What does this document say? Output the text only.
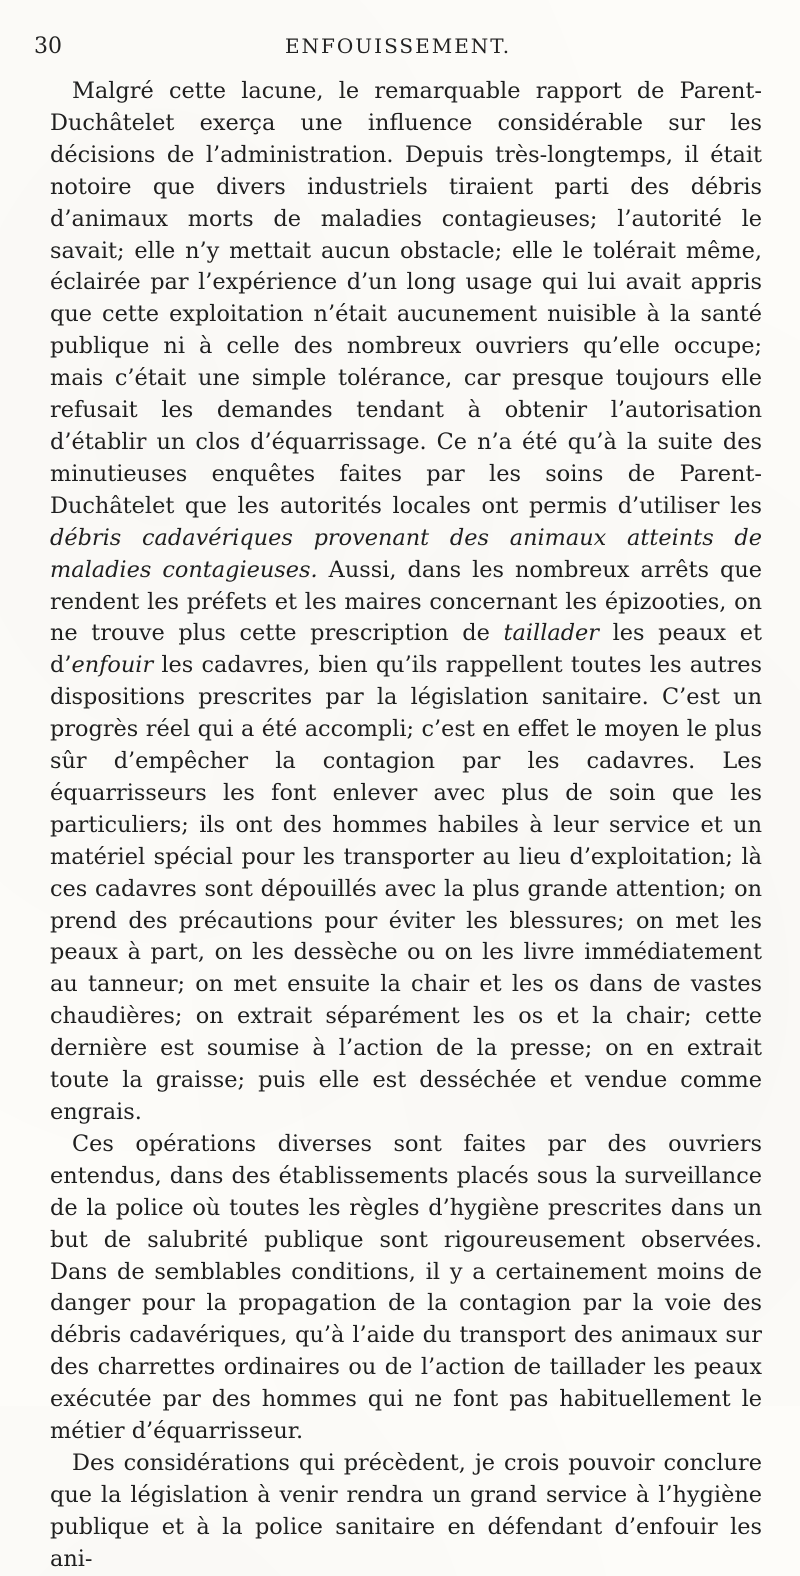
30	ENFOUISSEMENT.

Malgré cette lacune, le remarquable rapport de Parent-Duchâtelet exerça une influence considérable sur les décisions de l’administration. Depuis très-longtemps, il était notoire que divers industriels tiraient parti des débris d’animaux morts de maladies contagieuses; l’autorité le savait; elle n’y mettait aucun obstacle; elle le tolérait même, éclairée par l’expérience d’un long usage qui lui avait appris que cette exploitation n’était aucunement nuisible à la santé publique ni à celle des nombreux ouvriers qu’elle occupe; mais c’était une simple tolérance, car presque toujours elle refusait les demandes tendant à obtenir l’autorisation d’établir un clos d’équarrissage. Ce n’a été qu’à la suite des minutieuses enquêtes faites par les soins de Parent-Duchâtelet que les autorités locales ont permis d’utiliser les débris cadavériques provenant des animaux atteints de maladies contagieuses. Aussi, dans les nombreux arrêts que rendent les préfets et les maires concernant les épizooties, on ne trouve plus cette prescription de taillader les peaux et d’enfouir les cadavres, bien qu’ils rappellent toutes les autres dispositions prescrites par la législation sanitaire. C’est un progrès réel qui a été accompli; c’est en effet le moyen le plus sûr d’empêcher la contagion par les cadavres. Les équarrisseurs les font enlever avec plus de soin que les particuliers; ils ont des hommes habiles à leur service et un matériel spécial pour les transporter au lieu d’exploitation; là ces cadavres sont dépouillés avec la plus grande attention; on prend des précautions pour éviter les blessures; on met les peaux à part, on les dessèche ou on les livre immédiatement au tanneur; on met ensuite la chair et les os dans de vastes chaudières; on extrait séparément les os et la chair; cette dernière est soumise à l’action de la presse; on en extrait toute la graisse; puis elle est desséchée et vendue comme engrais.

Ces opérations diverses sont faites par des ouvriers entendus, dans des établissements placés sous la surveillance de la police où toutes les règles d’hygiène prescrites dans un but de salubrité publique sont rigoureusement observées. Dans de semblables conditions, il y a certainement moins de danger pour la propagation de la contagion par la voie des débris cadavériques, qu’à l’aide du transport des animaux sur des charrettes ordinaires ou de l’action de taillader les peaux exécutée par des hommes qui ne font pas habituellement le métier d’équarrisseur.

Des considérations qui précèdent, je crois pouvoir conclure que la législation à venir rendra un grand service à l’hygiène publique et à la police sanitaire en défendant d’enfouir les ani-
